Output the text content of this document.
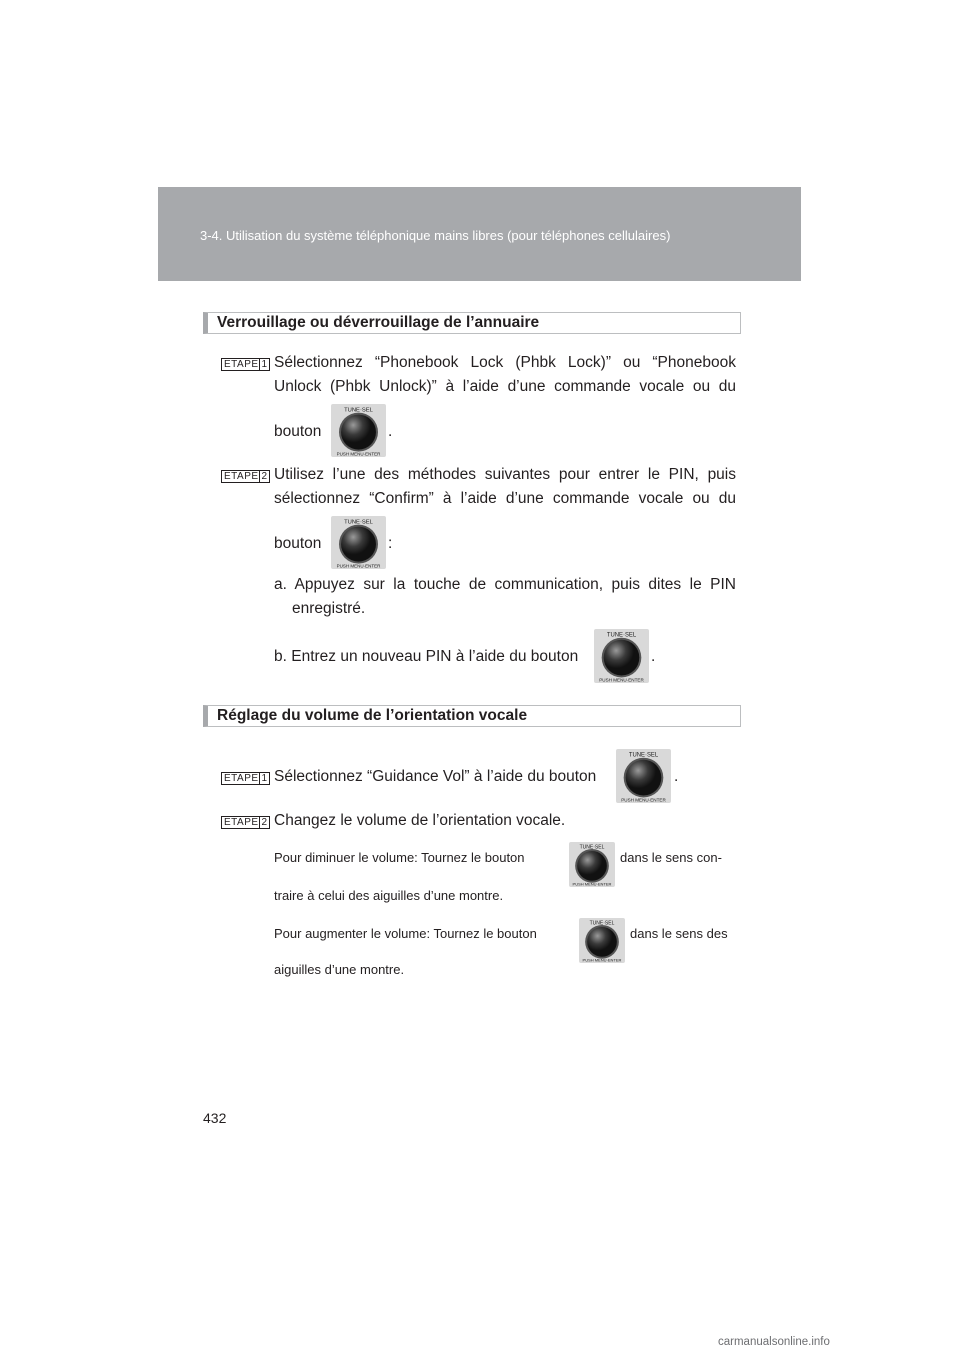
3-4. Utilisation du système téléphonique mains libres (pour téléphones cellulaires)
Verrouillage ou déverrouillage de l’annuaire
ETAPE 1 Sélectionnez “Phonebook Lock (Phbk Lock)” ou “Phonebook
Unlock (Phbk Unlock)” à l’aide d’une commande vocale ou du
bouton
TUNE·SEL
PUSH MENU·ENTER
.
ETAPE 2 Utilisez l’une des méthodes suivantes pour entrer le PIN, puis
sélectionnez “Confirm” à l’aide d’une commande vocale ou du
bouton
TUNE·SEL
PUSH MENU·ENTER
:
a. Appuyez sur la touche de communication, puis dites le PIN
enregistré.
b. Entrez un nouveau PIN à l’aide du bouton
TUNE·SEL
PUSH MENU·ENTER
.
Réglage du volume de l’orientation vocale
ETAPE 1 Sélectionnez “Guidance Vol” à l’aide du bouton
TUNE·SEL
PUSH MENU·ENTER
.
ETAPE 2 Changez le volume de l’orientation vocale.
Pour diminuer le volume: Tournez le bouton
TUNE·SEL
PUSH MENU·ENTER
dans le sens con-
traire à celui des aiguilles d’une montre.
Pour augmenter le volume: Tournez le bouton
TUNE·SEL
PUSH MENU·ENTER
dans le sens des
aiguilles d’une montre.
432
carmanualsonline.info
